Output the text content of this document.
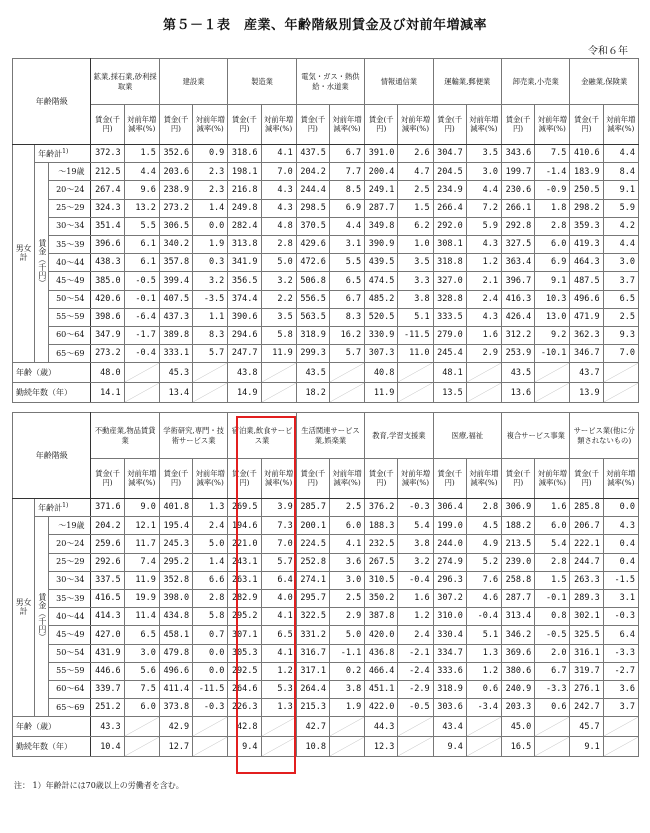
第５－１表　産業、年齢階級別賃金及び対前年増減率
令和６年
年齢階級			鉱業,採石業,砂利採取業		建設業		製造業		電気・ガス・熱供給・水道業		情報通信業		運輸業,郵便業		卸売業,小売業		金融業,保険業	
			賃金(千円)	対前年増減率(%)	賃金(千円)	対前年増減率(%)	賃金(千円)	対前年増減率(%)	賃金(千円)	対前年増減率(%)	賃金(千円)	対前年増減率(%)	賃金(千円)	対前年増減率(%)	賃金(千円)	対前年増減率(%)	賃金(千円)	対前年増減率(%)
男女計	年齢計$^{1)}$		372.3	1.5	352.6	0.9	318.6	4.1	437.5	6.7	391.0	2.6	304.7	3.5	343.6	7.5	410.6	4.4
	賃金（千円）	～19歳	212.5	4.4	203.6	2.3	198.1	7.0	204.2	7.7	200.4	4.7	204.5	3.0	199.7	-1.4	183.9	8.4
		20～24	267.4	9.6	238.9	2.3	216.8	4.3	244.4	8.5	249.1	2.5	234.9	4.4	230.6	-0.9	250.5	9.1
		25～29	324.3	13.2	273.2	1.4	249.8	4.3	298.5	6.9	287.7	1.5	266.4	7.2	266.1	1.8	298.2	5.9
		30～34	351.4	5.5	306.5	0.0	282.4	4.8	370.5	4.4	349.8	6.2	292.0	5.9	292.8	2.8	359.3	4.2
		35～39	396.6	6.1	340.2	1.9	313.8	2.8	429.6	3.1	390.9	1.0	308.1	4.3	327.5	6.0	419.3	4.4
		40～44	438.3	6.1	357.8	0.3	341.9	5.0	472.6	5.5	439.5	3.5	318.8	1.2	363.4	6.9	464.3	3.0
		45～49	385.0	-0.5	399.4	3.2	356.5	3.2	506.8	6.5	474.5	3.3	327.0	2.1	396.7	9.1	487.5	3.7
		50～54	420.6	-0.1	407.5	-3.5	374.4	2.2	556.5	6.7	485.2	3.8	328.8	2.4	416.3	10.3	496.6	6.5
		55～59	398.6	-6.4	437.3	1.1	390.6	3.5	563.5	8.3	520.5	5.1	333.5	4.3	426.4	13.0	471.9	2.5
		60～64	347.9	-1.7	389.8	8.3	294.6	5.8	318.9	16.2	330.9	-11.5	279.0	1.6	312.2	9.2	362.3	9.3
		65～69	273.2	-0.4	333.1	5.7	247.7	11.9	299.3	5.7	307.3	11.0	245.4	2.9	253.9	-10.1	346.7	7.0
年齢（歳）			48.0		45.3		43.8		43.5		40.8		48.1		43.5		43.7	

勤続年数（年）			14.1		13.4		14.9		18.2		11.9		13.5		13.6		13.9	
年齢階級			不動産業,物品賃貸業		学術研究,専門・技術サービス業		宿泊業,飲食サービス業		生活関連サービス業,娯楽業		教育,学習支援業		医療,福祉		複合サービス事業		サービス業(他に分類されないもの)	
			賃金(千円)	対前年増減率(%)	賃金(千円)	対前年増減率(%)	賃金(千円)	対前年増減率(%)	賃金(千円)	対前年増減率(%)	賃金(千円)	対前年増減率(%)	賃金(千円)	対前年増減率(%)	賃金(千円)	対前年増減率(%)	賃金(千円)	対前年増減率(%)
男女計	年齢計$^{1)}$		371.6	9.0	401.8	1.3	269.5	3.9	285.7	2.5	376.2	-0.3	306.4	2.8	306.9	1.6	285.8	0.0
	賃金（千円）	～19歳	204.2	12.1	195.4	2.4	194.6	7.3	200.1	6.0	188.3	5.4	199.0	4.5	188.2	6.0	206.7	4.3
		20～24	259.6	11.7	245.3	5.0	221.0	7.0	224.5	4.1	232.5	3.8	244.0	4.9	213.5	5.4	222.1	0.4
		25～29	292.6	7.4	295.2	1.4	243.1	5.7	252.8	3.6	267.5	3.2	274.9	5.2	239.0	2.8	244.7	0.4
		30～34	337.5	11.9	352.8	6.6	263.1	6.4	274.1	3.0	310.5	-0.4	296.3	7.6	258.8	1.5	263.3	-1.5
		35～39	416.5	19.9	398.0	2.8	282.9	4.0	295.7	2.5	350.2	1.6	307.2	4.6	287.7	-0.1	289.3	3.1
		40～44	414.3	11.4	434.8	5.8	295.2	4.1	322.5	2.9	387.8	1.2	310.0	-0.4	313.4	0.8	302.1	-0.3
		45～49	427.0	6.5	458.1	0.7	307.1	6.5	331.2	5.0	420.0	2.4	330.4	5.1	346.2	-0.5	325.5	6.4
		50～54	431.9	3.0	479.8	0.0	305.3	4.1	316.7	-1.1	436.8	-2.1	334.7	1.3	369.6	2.0	316.1	-3.3
		55～59	446.6	5.6	496.6	0.0	292.5	1.2	317.1	0.2	466.4	-2.4	333.6	1.2	380.6	6.7	319.7	-2.7
		60～64	339.7	7.5	411.4	-11.5	264.6	5.3	264.4	3.8	451.1	-2.9	318.9	0.6	240.9	-3.3	276.1	3.6
		65～69	251.2	6.0	373.8	-0.3	226.3	1.3	215.3	1.9	422.0	-0.5	303.6	-3.4	203.3	0.6	242.7	3.7
年齢（歳）			43.3		42.9		42.8		42.7		44.3		43.4		45.0		45.7	

勤続年数（年）			10.4		12.7		9.4		10.8		12.3		9.4		16.5		9.1	
注： 1）年齢計には70歳以上の労働者を含む。
